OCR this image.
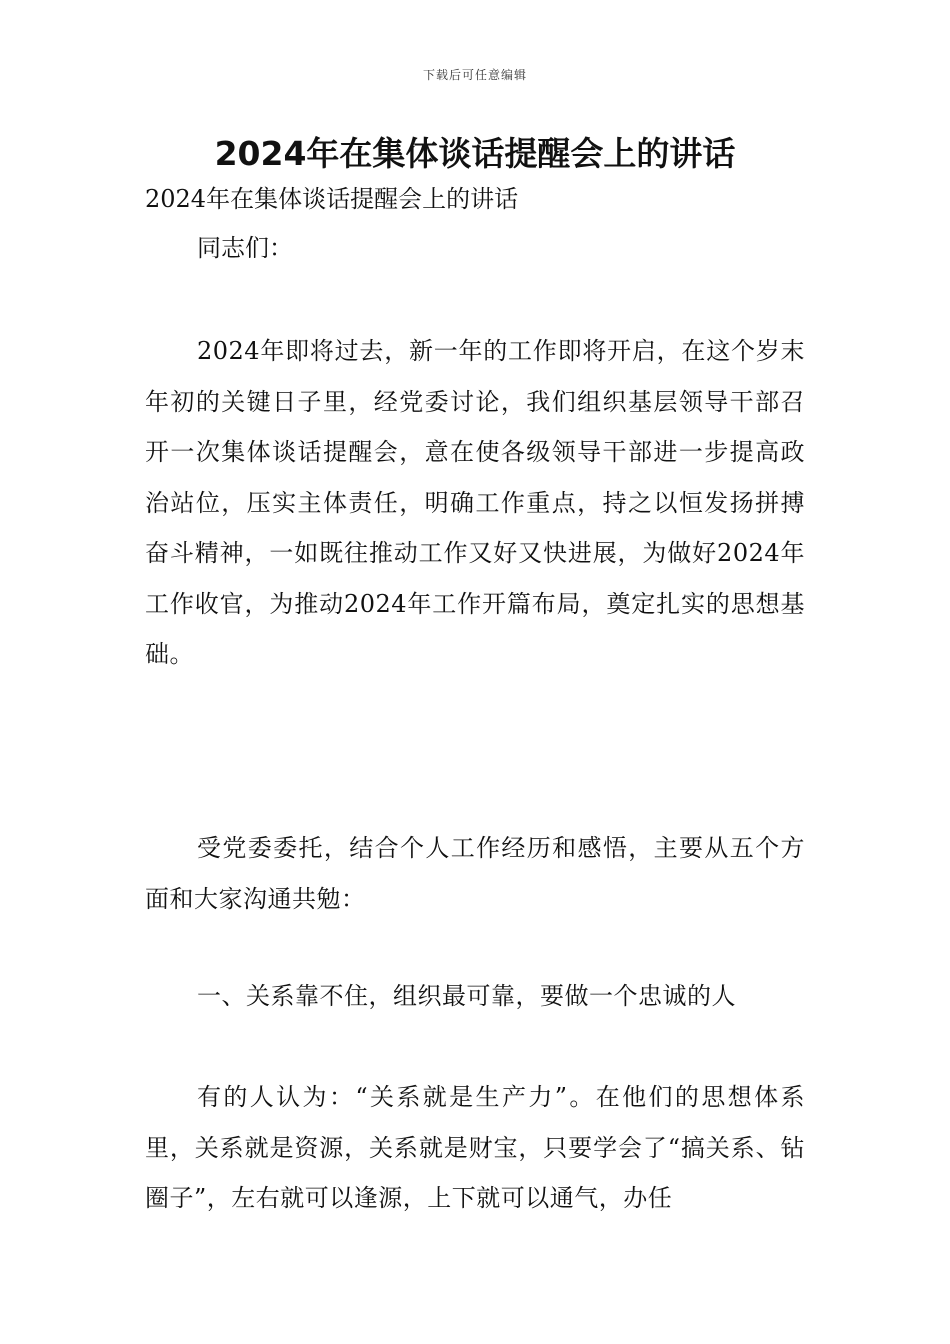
下载后可任意编辑
2024年在集体谈话提醒会上的讲话
2024年在集体谈话提醒会上的讲话
同志们：
2024年即将过去，新一年的工作即将开启，在这个岁末年初的关键日子里，经党委讨论，我们组织基层领导干部召开一次集体谈话提醒会，意在使各级领导干部进一步提高政治站位，压实主体责任，明确工作重点，持之以恒发扬拼搏奋斗精神，一如既往推动工作又好又快进展，为做好2024年工作收官，为推动2024年工作开篇布局，奠定扎实的思想基础。
受党委委托，结合个人工作经历和感悟，主要从五个方面和大家沟通共勉：
一、关系靠不住，组织最可靠，要做一个忠诚的人
有的人认为：“关系就是生产力”。在他们的思想体系里，关系就是资源，关系就是财宝，只要学会了“搞关系、钻圈子”，左右就可以逢源，上下就可以通气，办任
